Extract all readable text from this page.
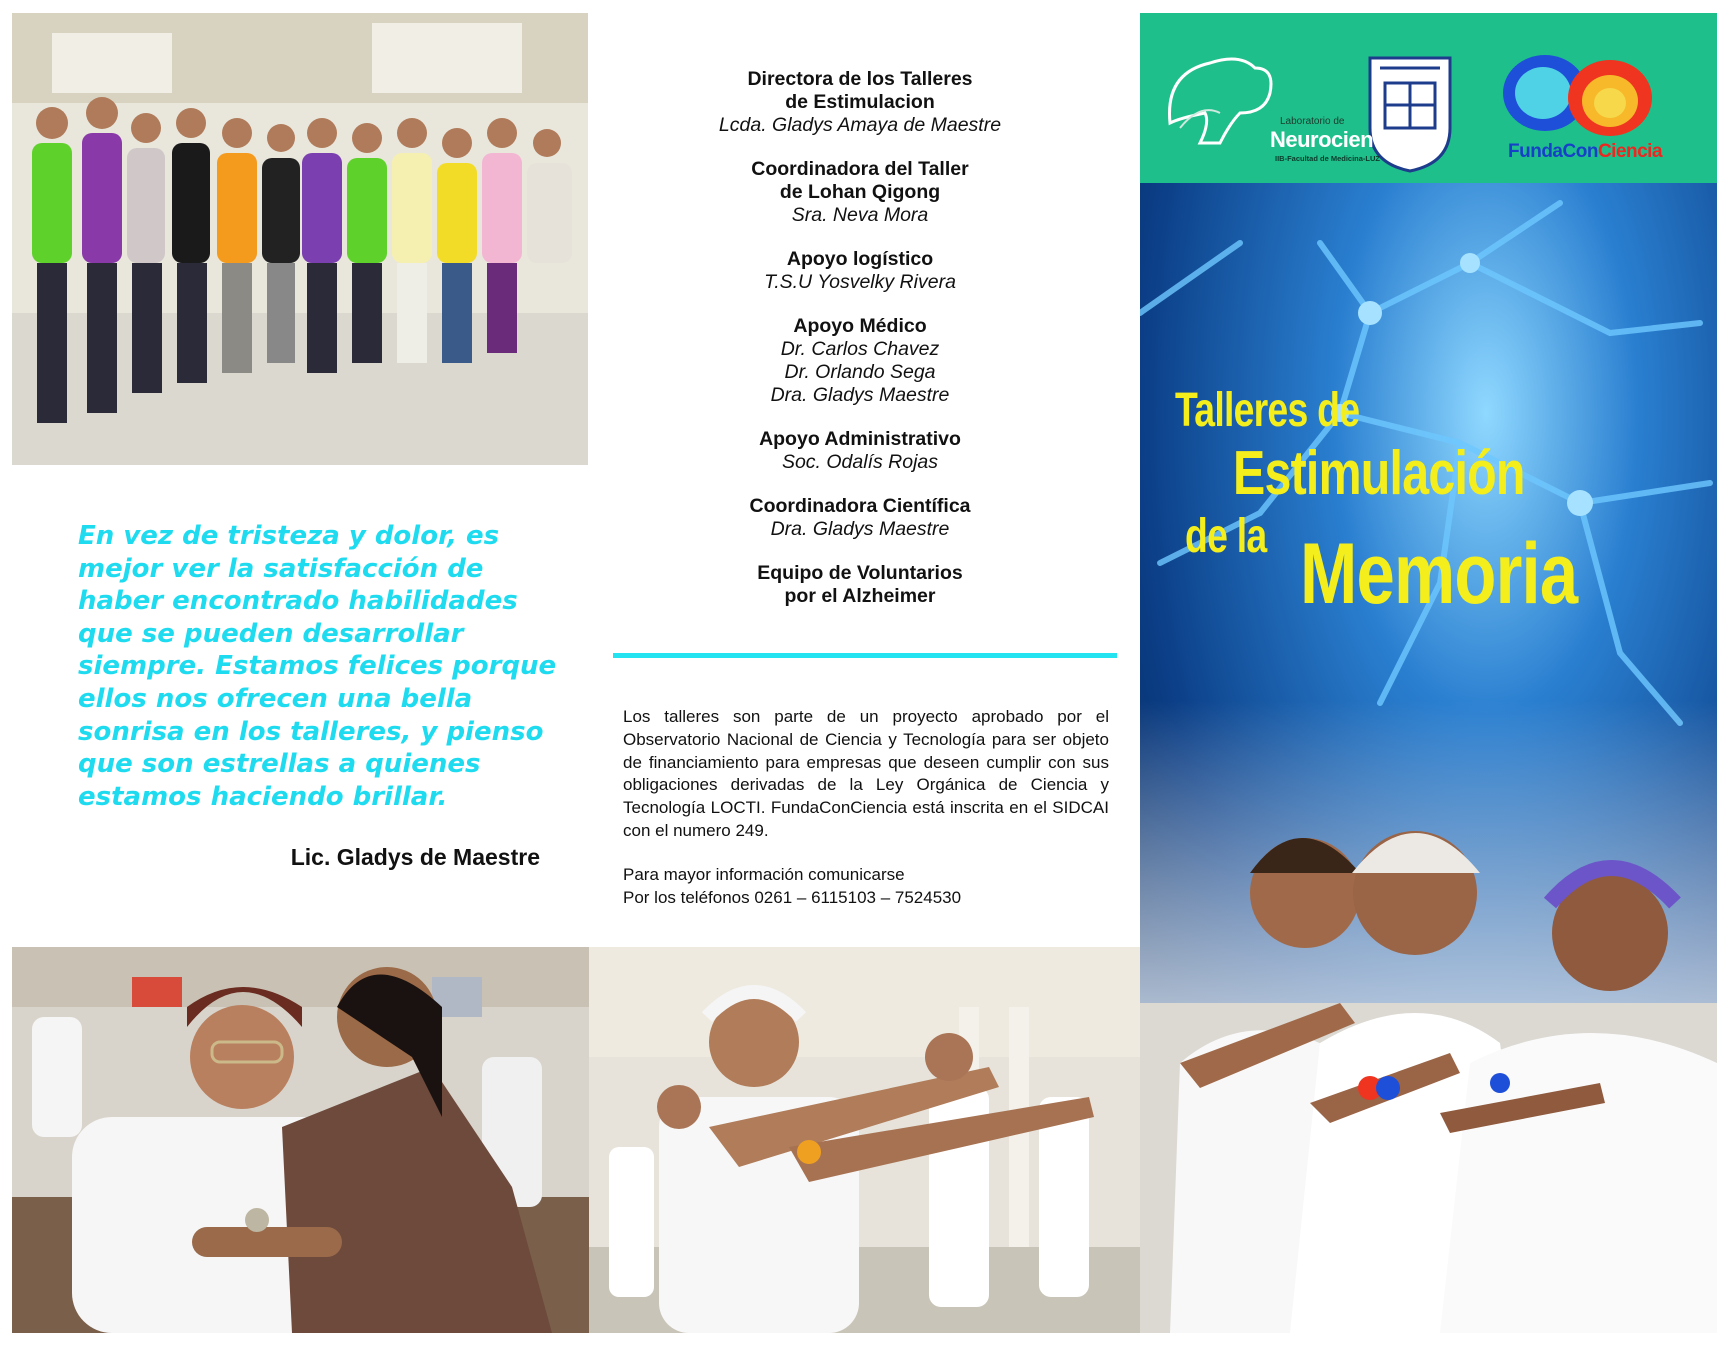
En vez de tristeza y dolor, es mejor ver la satisfacción de haber encontrado habilidades que se pueden desarrollar siempre. Estamos felices porque ellos nos ofrecen una bella sonrisa en los talleres, y pienso que son estrellas a quienes estamos haciendo brillar.
Lic. Gladys de Maestre
Directora de los Talleres
de Estimulacion
Lcda. Gladys Amaya de Maestre
Coordinadora del Taller
de Lohan Qigong
Sra. Neva Mora
Apoyo logístico
T.S.U Yosvelky Rivera
Apoyo Médico
Dr. Carlos Chavez
Dr. Orlando Sega
Dra. Gladys Maestre
Apoyo Administrativo
Soc. Odalís Rojas
Coordinadora Científica
Dra. Gladys Maestre
Equipo de Voluntarios
por el Alzheimer
Los talleres son parte de un proyecto aprobado por el Observatorio Nacional de Ciencia y Tecnología para ser objeto de financiamiento para empresas que deseen cumplir con sus obligaciones derivadas de la Ley Orgánica de Ciencia y Tecnología LOCTI. FundaConCiencia está inscrita en el SIDCAI con el numero 249.
Para mayor información comunicarse
Por los teléfonos 0261 – 6115103 – 7524530
Laboratorio de
Neurociencias
IIB-Facultad de Medicina-LUZ	FundaConCiencia
Talleres de
Estimulación
de la Memoria
